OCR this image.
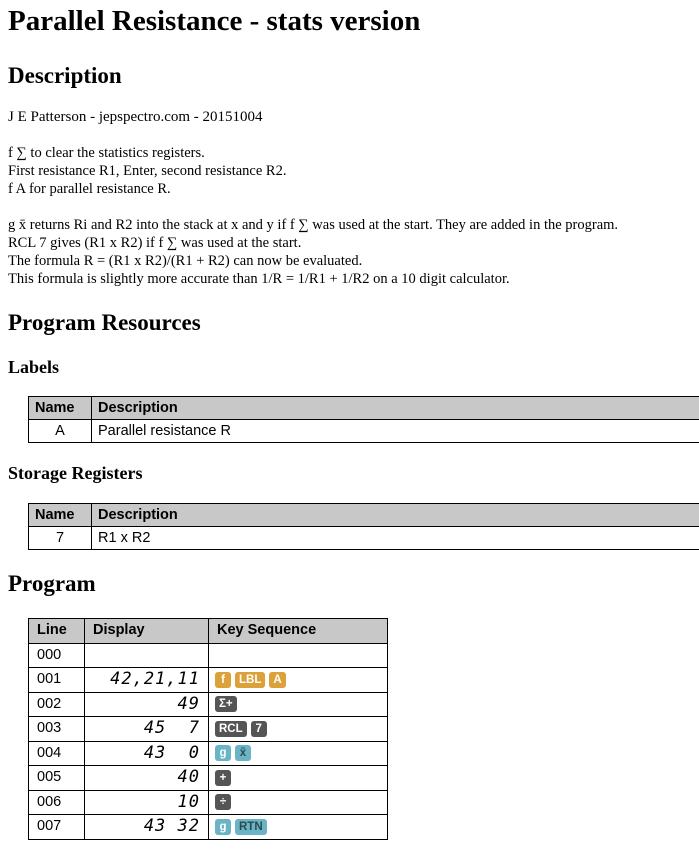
Parallel Resistance - stats version
Description

J E Patterson - jepspectro.com - 20151004

f ∑ to clear the statistics registers.

First resistance R1, Enter, second resistance R2.

f A for parallel resistance R.

g x̄ returns Ri and R2 into the stack at x and y if f ∑ was used at the start. They are added in the program.

RCL 7 gives (R1 x R2) if f ∑ was used at the start.

The formula R = (R1 x R2)/(R1 + R2) can now be evaluated.

This formula is slightly more accurate than 1/R = 1/R1 + 1/R2 on a 10 digit calculator.

Program Resources
Labels
Name	Description
A	Parallel resistance R
Storage Registers
Name	Description
7	R1 x R2
Program
Line	Display	Key Sequence
000		

001	42,21,11	f LBL A

002	49	Σ+

003	45  7	RCL 7

004	43  0	g x̄

005	40	+

006	10	÷

007	43 32	g RTN
